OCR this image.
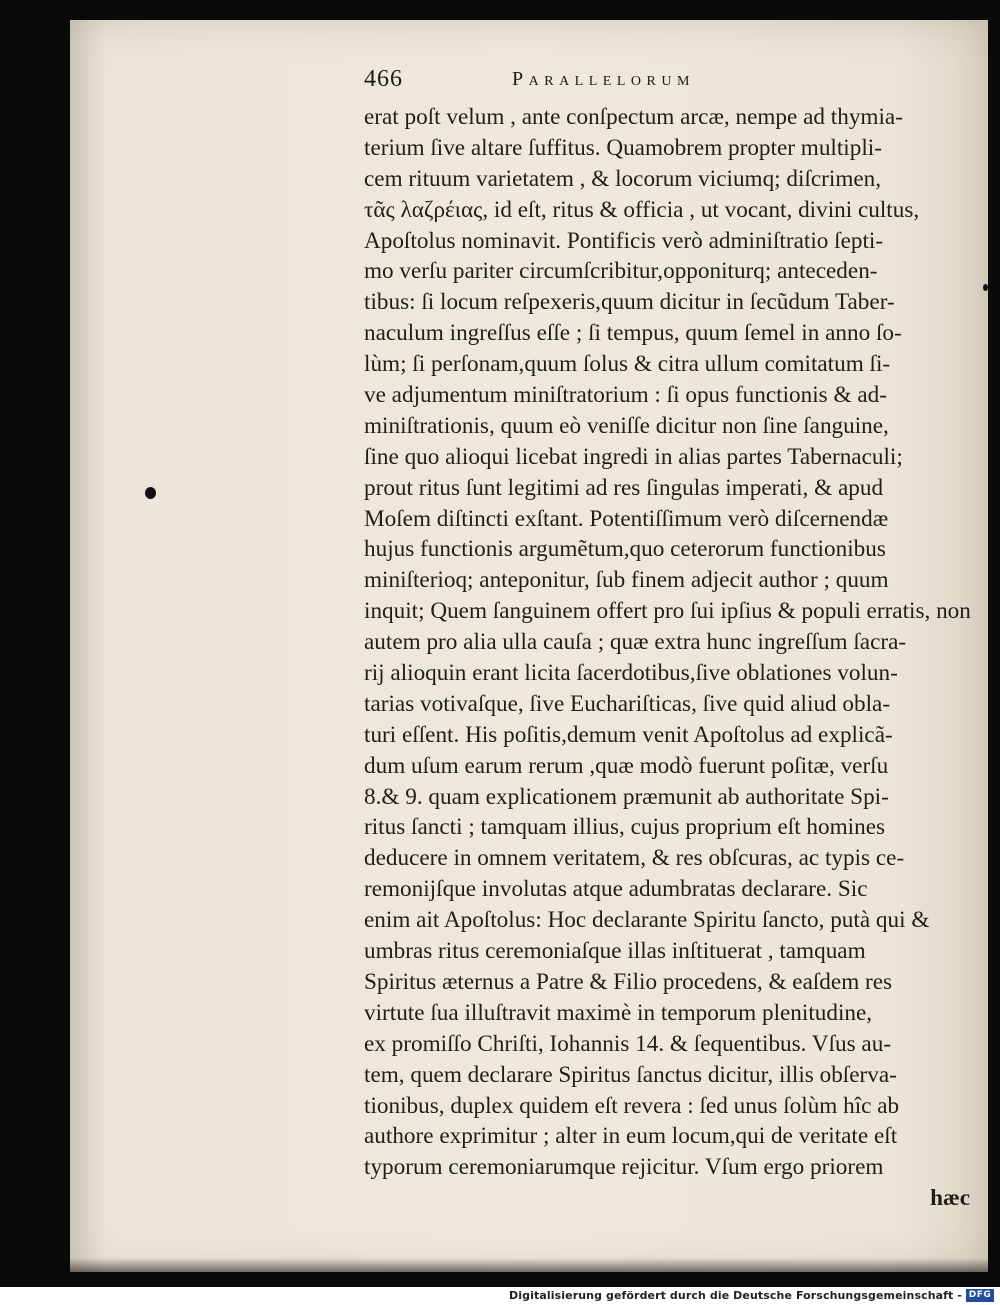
466	Parallelorum
erat poſt velum , ante conſpectum arcæ, nempe ad thymia-
terium ſive altare ſuffitus. Quamobrem propter multipli-
cem rituum varietatem , & locorum viciumq; diſcrimen,
τᾶς λαζρέιας, id eſt, ritus & officia , ut vocant, divini cultus,
Apoſtolus nominavit. Pontificis verò adminiſtratio ſepti-
mo verſu pariter circumſcribitur,opponiturq; anteceden-
tibus: ſi locum reſpexeris,quum dicitur in ſecũdum Taber-
naculum ingreſſus eſſe ; ſi tempus, quum ſemel in anno ſo-
lùm; ſi perſonam,quum ſolus & citra ullum comitatum ſi-
ve adjumentum miniſtratorium : ſi opus functionis & ad-
miniſtrationis, quum eò veniſſe dicitur non ſine ſanguine,
ſine quo alioqui licebat ingredi in alias partes Tabernaculi;
prout ritus ſunt legitimi ad res ſingulas imperati, & apud
Moſem diſtincti exſtant. Potentiſſimum verò diſcernendæ
hujus functionis argumẽtum,quo ceterorum functionibus
miniſterioq; anteponitur, ſub finem adjecit author ; quum
inquit; Quem ſanguinem offert pro ſui ipſius & populi erratis, non
autem pro alia ulla cauſa ; quæ extra hunc ingreſſum ſacra-
rij alioquin erant licita ſacerdotibus,ſive oblationes volun-
tarias votivaſque, ſive Euchariſticas, ſive quid aliud obla-
turi eſſent. His poſitis,demum venit Apoſtolus ad explicã-
dum uſum earum rerum ,quæ modò fuerunt poſitæ, verſu
8.& 9. quam explicationem præmunit ab authoritate Spi-
ritus ſancti ; tamquam illius, cujus proprium eſt homines
deducere in omnem veritatem, & res obſcuras, ac typis ce-
remonijſque involutas atque adumbratas declarare. Sic
enim ait Apoſtolus: Hoc declarante Spiritu ſancto, putà qui &
umbras ritus ceremoniaſque illas inſtituerat , tamquam
Spiritus æternus a Patre & Filio procedens, & eaſdem res
virtute ſua illuſtravit maximè in temporum plenitudine,
ex promiſſo Chriſti, Iohannis 14. & ſequentibus. Vſus au-
tem, quem declarare Spiritus ſanctus dicitur, illis obſerva-
tionibus, duplex quidem eſt revera : ſed unus ſolùm hîc ab
authore exprimitur ; alter in eum locum,qui de veritate eſt
typorum ceremoniarumque rejicitur. Vſum ergo priorem
hæc
Digitalisierung gefördert durch die Deutsche Forschungsgemeinschaft - DFG
